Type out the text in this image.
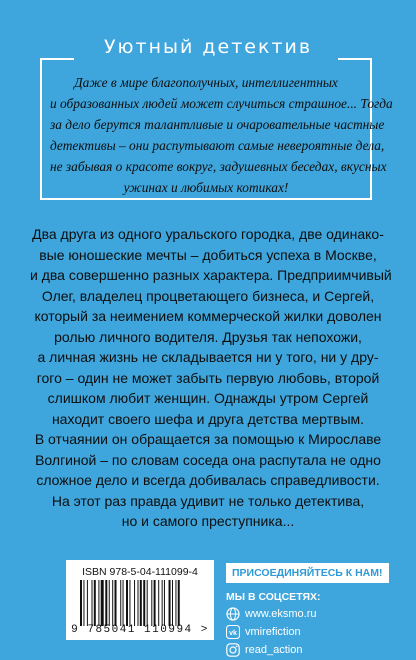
Уютный детектив
Даже в мире благополучных, интеллигентных
и образованных людей может случиться страшное... Тогда
за дело берутся талантливые и очаровательные частные
детективы – они распутывают самые невероятные дела,
не забывая о красоте вокруг, задушевных беседах, вкусных
ужинах и любимых котиках!
Два друга из одного уральского городка, две одинако-
вые юношеские мечты – добиться успеха в Москве,
и два совершенно разных характера. Предприимчивый
Олег, владелец процветающего бизнеса, и Сергей,
который за неимением коммерческой жилки доволен
ролью личного водителя. Друзья так непохожи,
а личная жизнь не складывается ни у того, ни у дру-
гого – один не может забыть первую любовь, второй
слишком любит женщин. Однажды утром Сергей
находит своего шефа и друга детства мертвым.
В отчаянии он обращается за помощью к Мирославе
Волгиной – по словам соседа она распутала не одно
сложное дело и всегда добивалась справедливости.
На этот раз правда удивит не только детектива,
но и самого преступника...
ISBN 978-5-04-111099-4
9 785041 110994 >
ПРИСОЕДИНЯЙТЕСЬ К НАМ!
МЫ В СОЦСЕТЯХ:
www.eksmo.ru
vk vmirefiction
read_action
